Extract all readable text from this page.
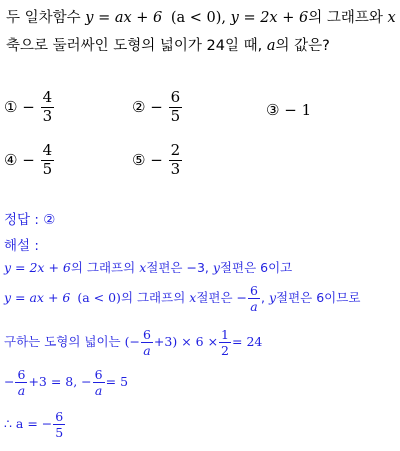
두 일차함수 y = ax + 6 (a < 0), y = 2x + 6의 그래프와 x
축으로 둘러싸인 도형의 넓이가 24일 때, a의 값은?
① − $\frac{4}{3}$	② − $\frac{6}{5}$	③ − 1
④ − $\frac{4}{5}$	⑤ − $\frac{2}{3}$
정답 : ②
해설 :
y = 2x + 6의 그래프의 x절편은 −3, y절편은 6이고
y = ax + 6 (a < 0)의 그래프의 x절편은 − $\frac{6}{a}$ , y절편은 6이므로
구하는 도형의 넓이는 (− $\frac{6}{a} +3) \times 6 \times \frac{1}{2} = 24$
− $\frac{6}{a} +3 = 8$, − $\frac{6}{a} = 5$
∴ a = − $\frac{6}{5}$
